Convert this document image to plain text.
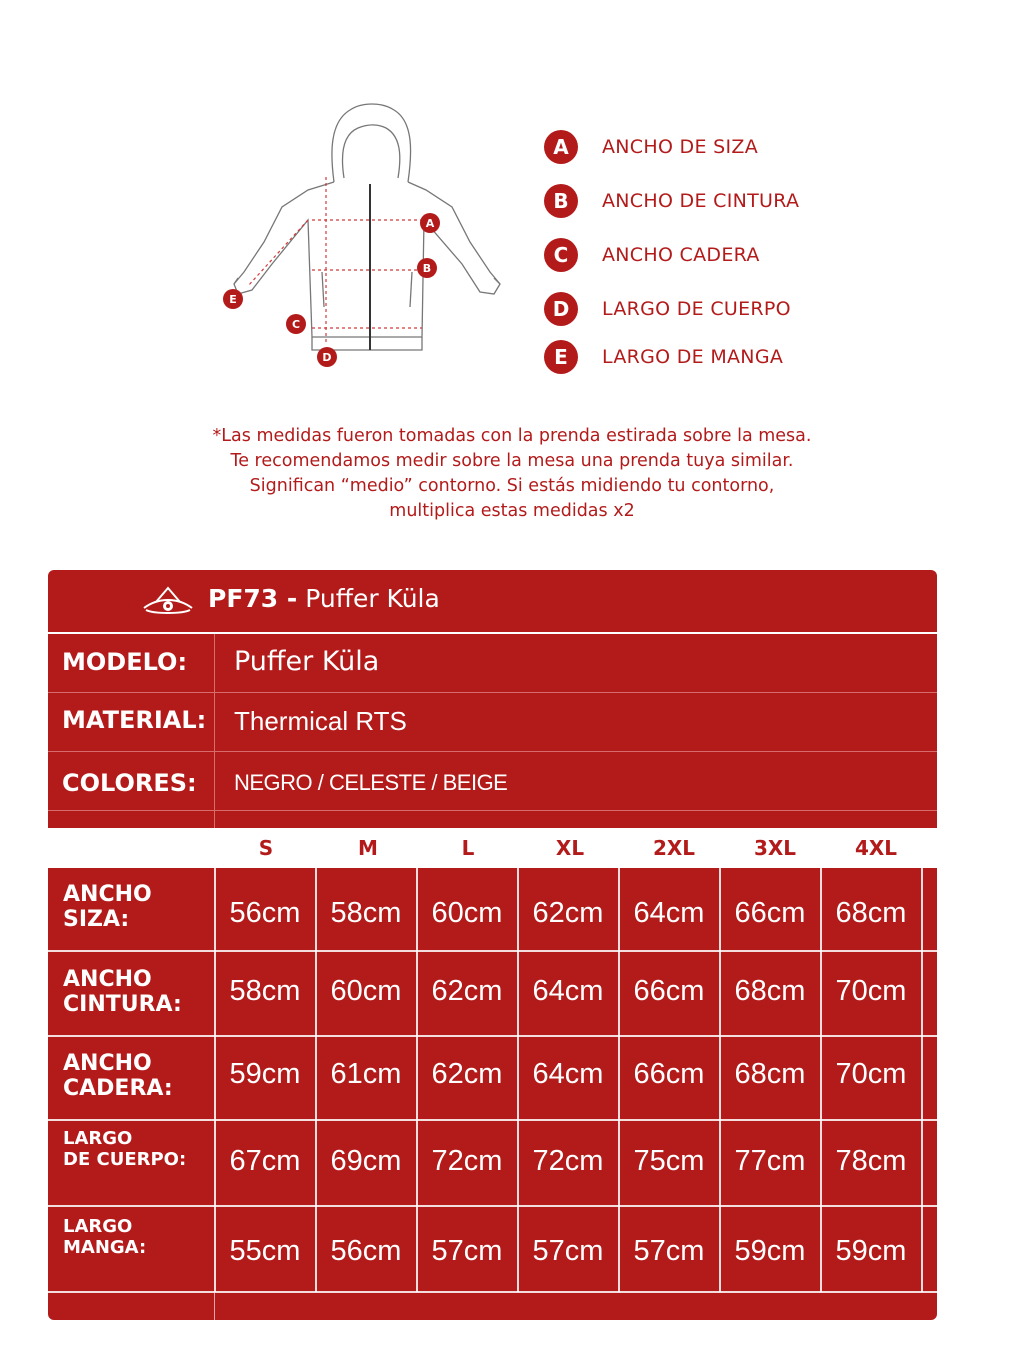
A
B
C
D
E
A	ANCHO DE SIZA
B	ANCHO DE CINTURA
C	ANCHO CADERA
D	LARGO DE CUERPO
E	LARGO DE MANGA
*Las medidas fueron tomadas con la prenda estirada sobre la mesa.
Te recomendamos medir sobre la mesa una prenda tuya similar.
Significan “medio” contorno. Si estás midiendo tu contorno,
multiplica estas medidas x2
PF73 - Puffer Küla
MODELO: Puffer Küla
MATERIAL: Thermical RTS
COLORES: NEGRO / CELESTE / BEIGE
S	M	L	XL	2XL	3XL	4XL
ANCHO
SIZA:	56cm	58cm	60cm	62cm	64cm	66cm	68cm
ANCHO
CINTURA:	58cm	60cm	62cm	64cm	66cm	68cm	70cm
ANCHO
CADERA:	59cm	61cm	62cm	64cm	66cm	68cm	70cm
LARGO
DE CUERPO:	67cm	69cm	72cm	72cm	75cm	77cm	78cm
LARGO
MANGA:	55cm	56cm	57cm	57cm	57cm	59cm	59cm
